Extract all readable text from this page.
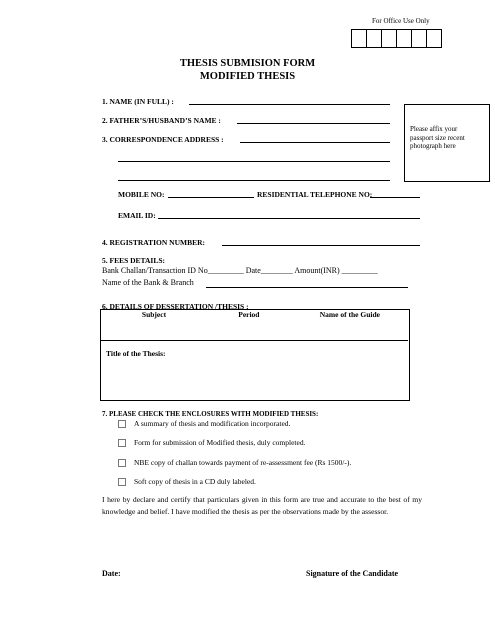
For Office Use Only
THESIS SUBMISION FORM
MODIFIED THESIS
1. NAME (IN FULL) :
2. FATHER’S/HUSBAND’S NAME :
3. CORRESPONDENCE ADDRESS :
Please affix your passport size recent photograph here
MOBILE NO:	RESIDENTIAL TELEPHONE NO:
EMAIL ID:
4. REGISTRATION NUMBER:
5. FEES DETAILS:
Bank Challan/Transaction ID No_________ Date________ Amount(INR) _________
Name of the Bank & Branch
6. DETAILS OF DESSERTATION /THESIS :
Subject	Period	Name of the Guide
Title of the Thesis:
7. PLEASE CHECK THE ENCLOSURES WITH MODIFIED THESIS:
A summary of thesis and modification incorporated.
Form for submission of Modified thesis, duly completed.
NBE copy of challan towards payment of re-assessment fee (Rs 1500/-).
Soft copy of thesis in a CD duly labeled.
I here by declare and certify that particulars given in this form are true and accurate to the best of my knowledge and belief. I have modified the thesis as per the observations made by the assessor.
Date:	Signature of the Candidate
